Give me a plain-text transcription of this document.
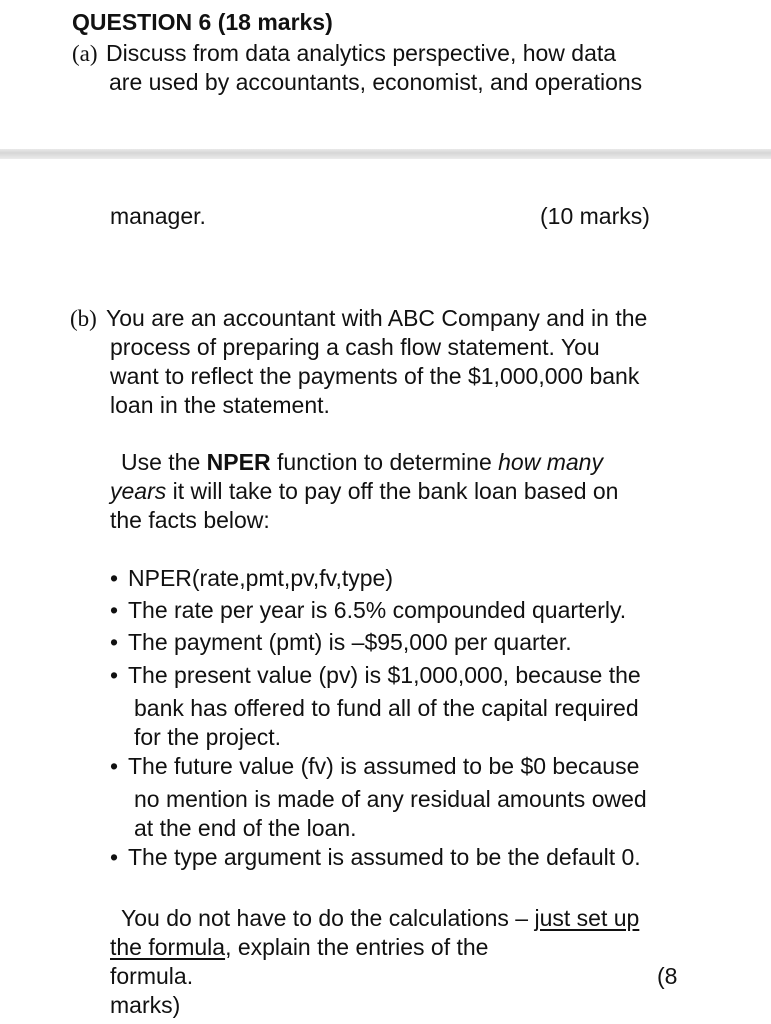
QUESTION 6 (18 marks)
(a) Discuss from data analytics perspective, how data
are used by accountants, economist, and operations
manager.	(10 marks)
(b) You are an accountant with ABC Company and in the
process of preparing a cash flow statement. You
want to reflect the payments of the $1,000,000 bank
loan in the statement.
Use the NPER function to determine how many
years it will take to pay off the bank loan based on
the facts below:
• NPER(rate,pmt,pv,fv,type)
• The rate per year is 6.5% compounded quarterly.
• The payment (pmt) is –$95,000 per quarter.
• The present value (pv) is $1,000,000, because the
bank has offered to fund all of the capital required
for the project.
• The future value (fv) is assumed to be $0 because
no mention is made of any residual amounts owed
at the end of the loan.
• The type argument is assumed to be the default 0.
You do not have to do the calculations – just set up
the formula, explain the entries of the
formula.	(8
marks)
